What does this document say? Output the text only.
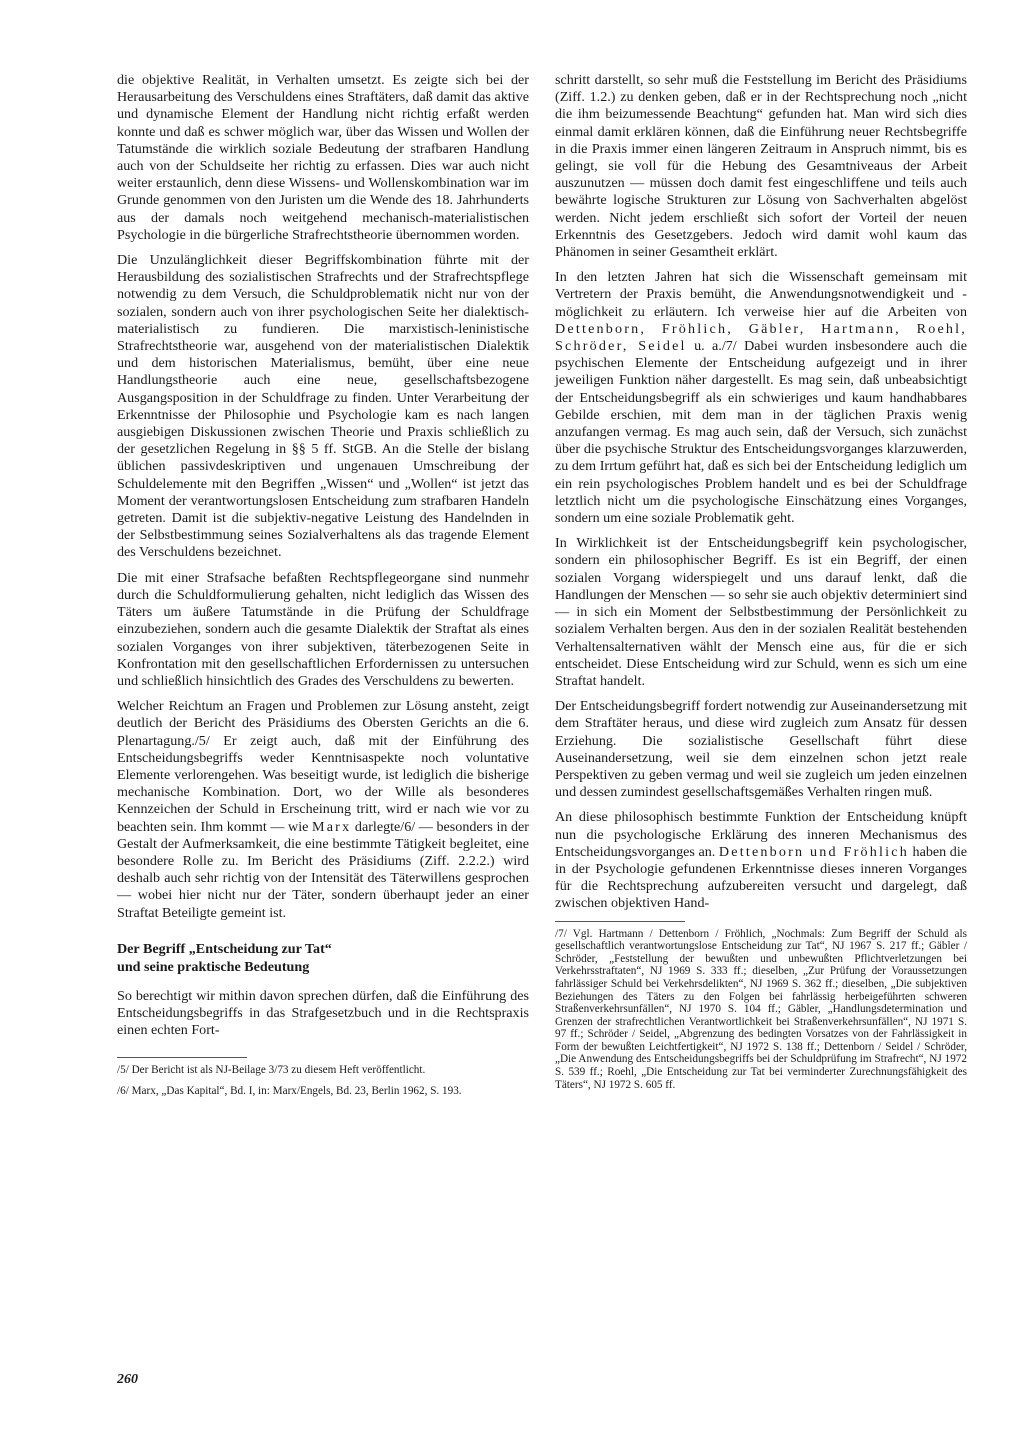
die objektive Realität, in Verhalten umsetzt. Es zeigte sich bei der Herausarbeitung des Verschuldens eines Straftäters, daß damit das aktive und dynamische Element der Handlung nicht richtig erfaßt werden konnte und daß es schwer möglich war, über das Wissen und Wollen der Tatumstände die wirklich soziale Bedeutung der strafbaren Handlung auch von der Schuldseite her richtig zu erfassen. Dies war auch nicht weiter erstaunlich, denn diese Wissens- und Wollenskombination war im Grunde genommen von den Juristen um die Wende des 18. Jahrhunderts aus der damals noch weitgehend mechanisch-materialistischen Psychologie in die bürgerliche Strafrechtstheorie übernommen worden.

Die Unzulänglichkeit dieser Begriffskombination führte mit der Herausbildung des sozialistischen Strafrechts und der Strafrechtspflege notwendig zu dem Versuch, die Schuldproblematik nicht nur von der sozialen, sondern auch von ihrer psychologischen Seite her dialektisch-materialistisch zu fundieren. Die marxistisch-leninistische Strafrechtstheorie war, ausgehend von der materialistischen Dialektik und dem historischen Materialismus, bemüht, über eine neue Handlungstheorie auch eine neue, gesellschaftsbezogene Ausgangsposition in der Schuldfrage zu finden. Unter Verarbeitung der Erkenntnisse der Philosophie und Psychologie kam es nach langen ausgiebigen Diskussionen zwischen Theorie und Praxis schließlich zu der gesetzlichen Regelung in §§ 5 ff. StGB. An die Stelle der bislang üblichen passivdeskriptiven und ungenauen Umschreibung der Schuldelemente mit den Begriffen „Wissen“ und „Wollen“ ist jetzt das Moment der verantwortungslosen Entscheidung zum strafbaren Handeln getreten. Damit ist die subjektiv-negative Leistung des Handelnden in der Selbstbestimmung seines Sozialverhaltens als das tragende Element des Verschuldens bezeichnet.

Die mit einer Strafsache befaßten Rechtspflegeorgane sind nunmehr durch die Schuldformulierung gehalten, nicht lediglich das Wissen des Täters um äußere Tatumstände in die Prüfung der Schuldfrage einzubeziehen, sondern auch die gesamte Dialektik der Straftat als eines sozialen Vorganges von ihrer subjektiven, täterbezogenen Seite in Konfrontation mit den gesellschaftlichen Erfordernissen zu untersuchen und schließlich hinsichtlich des Grades des Verschuldens zu bewerten.

Welcher Reichtum an Fragen und Problemen zur Lösung ansteht, zeigt deutlich der Bericht des Präsidiums des Obersten Gerichts an die 6. Plenartagung./5/ Er zeigt auch, daß mit der Einführung des Entscheidungsbegriffs weder Kenntnisaspekte noch voluntative Elemente verlorengehen. Was beseitigt wurde, ist lediglich die bisherige mechanische Kombination. Dort, wo der Wille als besonderes Kennzeichen der Schuld in Erscheinung tritt, wird er nach wie vor zu beachten sein. Ihm kommt — wie Marx darlegte/6/ — besonders in der Gestalt der Aufmerksamkeit, die eine bestimmte Tätigkeit begleitet, eine besondere Rolle zu. Im Bericht des Präsidiums (Ziff. 2.2.2.) wird deshalb auch sehr richtig von der Intensität des Täterwillens gesprochen — wobei hier nicht nur der Täter, sondern überhaupt jeder an einer Straftat Beteiligte gemeint ist.

Der Begriff „Entscheidung zur Tat“
und seine praktische Bedeutung

So berechtigt wir mithin davon sprechen dürfen, daß die Einführung des Entscheidungsbegriffs in das Strafgesetzbuch und in die Rechtspraxis einen echten Fort-

/5/ Der Bericht ist als NJ-Beilage 3/73 zu diesem Heft veröffentlicht.

/6/ Marx, „Das Kapital“, Bd. I, in: Marx/Engels, Bd. 23, Berlin 1962, S. 193.

schritt darstellt, so sehr muß die Feststellung im Bericht des Präsidiums (Ziff. 1.2.) zu denken geben, daß er in der Rechtsprechung noch „nicht die ihm beizumessende Beachtung“ gefunden hat. Man wird sich dies einmal damit erklären können, daß die Einführung neuer Rechtsbegriffe in die Praxis immer einen längeren Zeitraum in Anspruch nimmt, bis es gelingt, sie voll für die Hebung des Gesamtniveaus der Arbeit auszunutzen — müssen doch damit fest eingeschliffene und teils auch bewährte logische Strukturen zur Lösung von Sachverhalten abgelöst werden. Nicht jedem erschließt sich sofort der Vorteil der neuen Erkenntnis des Gesetzgebers. Jedoch wird damit wohl kaum das Phänomen in seiner Gesamtheit erklärt.

In den letzten Jahren hat sich die Wissenschaft gemeinsam mit Vertretern der Praxis bemüht, die Anwendungsnotwendigkeit und -möglichkeit zu erläutern. Ich verweise hier auf die Arbeiten von Dettenborn, Fröhlich, Gäbler, Hartmann, Roehl, Schröder, Seidel u. a./7/ Dabei wurden insbesondere auch die psychischen Elemente der Entscheidung aufgezeigt und in ihrer jeweiligen Funktion näher dargestellt. Es mag sein, daß unbeabsichtigt der Entscheidungsbegriff als ein schwieriges und kaum handhabbares Gebilde erschien, mit dem man in der täglichen Praxis wenig anzufangen vermag. Es mag auch sein, daß der Versuch, sich zunächst über die psychische Struktur des Entscheidungsvorganges klarzuwerden, zu dem Irrtum geführt hat, daß es sich bei der Entscheidung lediglich um ein rein psychologisches Problem handelt und es bei der Schuldfrage letztlich nicht um die psychologische Einschätzung eines Vorganges, sondern um eine soziale Problematik geht.

In Wirklichkeit ist der Entscheidungsbegriff kein psychologischer, sondern ein philosophischer Begriff. Es ist ein Begriff, der einen sozialen Vorgang widerspiegelt und uns darauf lenkt, daß die Handlungen der Menschen — so sehr sie auch objektiv determiniert sind — in sich ein Moment der Selbstbestimmung der Persönlichkeit zu sozialem Verhalten bergen. Aus den in der sozialen Realität bestehenden Verhaltensalternativen wählt der Mensch eine aus, für die er sich entscheidet. Diese Entscheidung wird zur Schuld, wenn es sich um eine Straftat handelt.

Der Entscheidungsbegriff fordert notwendig zur Auseinandersetzung mit dem Straftäter heraus, und diese wird zugleich zum Ansatz für dessen Erziehung. Die sozialistische Gesellschaft führt diese Auseinandersetzung, weil sie dem einzelnen schon jetzt reale Perspektiven zu geben vermag und weil sie zugleich um jeden einzelnen und dessen zumindest gesellschaftsgemäßes Verhalten ringen muß.

An diese philosophisch bestimmte Funktion der Entscheidung knüpft nun die psychologische Erklärung des inneren Mechanismus des Entscheidungsvorganges an. Dettenborn und Fröhlich haben die in der Psychologie gefundenen Erkenntnisse dieses inneren Vorganges für die Rechtsprechung aufzubereiten versucht und dargelegt, daß zwischen objektiven Hand-

/7/ Vgl. Hartmann / Dettenborn / Fröhlich, „Nochmals: Zum Begriff der Schuld als gesellschaftlich verantwortungslose Entscheidung zur Tat“, NJ 1967 S. 217 ff.; Gäbler / Schröder, „Feststellung der bewußten und unbewußten Pflichtverletzungen bei Verkehrsstraftaten“, NJ 1969 S. 333 ff.; dieselben, „Zur Prüfung der Voraussetzungen fahrlässiger Schuld bei Verkehrsdelikten“, NJ 1969 S. 362 ff.; dieselben, „Die subjektiven Beziehungen des Täters zu den Folgen bei fahrlässig herbeigeführten schweren Straßenverkehrsunfällen“, NJ 1970 S. 104 ff.; Gäbler, „Handlungsdetermination und Grenzen der strafrechtlichen Verantwortlichkeit bei Straßenverkehrsunfällen“, NJ 1971 S. 97 ff.; Schröder / Seidel, „Abgrenzung des bedingten Vorsatzes von der Fahrlässigkeit in Form der bewußten Leichtfertigkeit“, NJ 1972 S. 138 ff.; Dettenborn / Seidel / Schröder, „Die Anwendung des Entscheidungsbegriffs bei der Schuldprüfung im Strafrecht“, NJ 1972 S. 539 ff.; Roehl, „Die Entscheidung zur Tat bei verminderter Zurechnungsfähigkeit des Täters“, NJ 1972 S. 605 ff.

260
